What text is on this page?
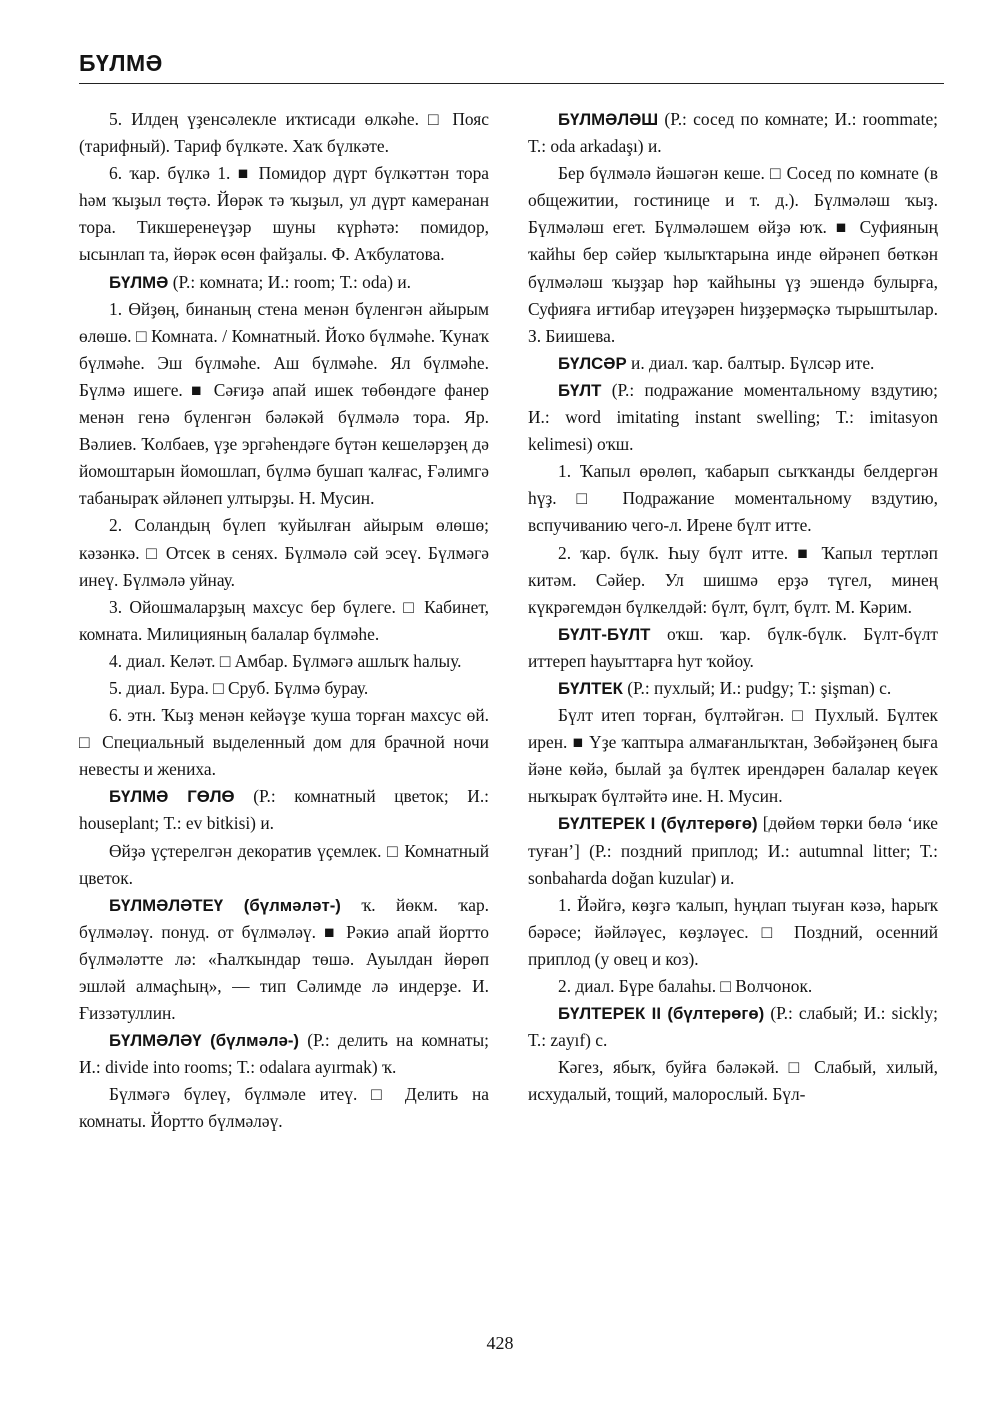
БҮЛМӘ

5. Илдең үҙенсәлекле иҡтисади өлкәһе. □ Пояс (тарифный). Тариф бүлкәте. Хаҡ бүлкәте.

6. ҡар. бүлкә 1. ■ Помидор дүрт бүлкәттән тора һәм ҡыҙыл төҫтә. Йөрәк тә ҡыҙыл, ул дүрт камеранан тора. Тикшеренеүҙәр шуны күрһәтә: помидор, ысынлап та, йөрәк өсөн файҙалы. Ф. Аҡбулатова.

БҮЛМӘ (Р.: комната; И.: room; Т.: oda) и.

1. Өйҙөң, бинаның стена менән бүленгән айырым өлөшө. □ Комната. / Комнатный. Йоҡо бүлмәһе. Ҡунаҡ бүлмәһе. Эш бүлмәһе. Аш бүлмәһе. Ял бүлмәһе. Бүлмә ишеге. ■ Сәғиҙә апай ишек төбөндәге фанер менән генә бүленгән бәләкәй бүлмәлә тора. Яр. Вәлиев. Ҡолбаев, үҙе эргәһендәге бүтән кешеләрҙең дә йомоштарын йомошлап, бүлмә бушап ҡалғас, Ғәлимгә табаныраҡ әйләнеп ултырҙы. Н. Мусин.

2. Соландың бүлеп ҡуйылған айырым өлөшө; кәзәнкә. □ Отсек в сенях. Бүлмәлә сәй эсеү. Бүлмәгә инеү. Бүлмәлә уйнау.

3. Ойошмаларҙың махсус бер бүлеге. □ Кабинет, комната. Милицияның балалар бүлмәһе.

4. диал. Келәт. □ Амбар. Бүлмәгә ашлыҡ һалыу.

5. диал. Бура. □ Сруб. Бүлмә бурау.

6. этн. Ҡыҙ менән кейәүҙе ҡуша торған махсус өй. □ Специальный выделенный дом для брачной ночи невесты и жениха.

БҮЛМӘ ГӨЛӨ (Р.: комнатный цветок; И.: houseplant; Т.: ev bitkisi) и.

Өйҙә үҫтерелгән декоратив үҫемлек. □ Комнатный цветок.

БҮЛМӘЛӘТЕҮ (бүлмәләт-) ҡ. йөкм. ҡар. бүлмәләү. понуд. от бүлмәләү. ■ Рәкиә апай йортто бүлмәләтте лә: «Һалҡындар төшә. Ауылдан йөрөп эшләй алмаҫһың», — тип Сәлимде лә индерҙе. И. Ғиззәтуллин.

БҮЛМӘЛӘҮ (бүлмәлә-) (Р.: делить на комнаты; И.: divide into rooms; Т.: odalara ayırmak) ҡ.

Бүлмәгә бүлеү, бүлмәле итеү. □ Делить на комнаты. Йортто бүлмәләү.

БҮЛМӘЛӘШ (Р.: сосед по комнате; И.: roommate; Т.: oda arkadaşı) и.

Бер бүлмәлә йәшәгән кеше. □ Сосед по комнате (в общежитии, гостинице и т. д.). Бүлмәләш ҡыҙ. Бүлмәләш егет. Бүлмәләшем өйҙә юҡ. ■ Суфияның ҡайһы бер сәйер ҡылыҡтарына инде өйрәнеп бөткән бүлмәләш ҡыҙҙар һәр ҡайһыны үҙ эшендә булырға, Суфияға иғтибар итеүҙәрен һиҙҙермәҫкә тырыштылар. З. Биишева.

БҮЛСӘР и. диал. ҡар. балтыр. Бүлсәр ите.

БҮЛТ (Р.: подражание моментальному вздутию; И.: word imitating instant swelling; Т.: imitasyon kelimesi) оҡш.

1. Ҡапыл өрөлөп, ҡабарып сыҡҡанды белдергән һүҙ. □ Подражание моментальному вздутию, вспучиванию чего-л. Ирене бүлт итте.

2. ҡар. бүлк. Һыу бүлт итте. ■ Ҡапыл тертләп китәм. Сәйер. Ул шишмә ерҙә түгел, минең күкрәгемдән бүлкелдәй: бүлт, бүлт, бүлт. М. Кәрим.

БҮЛТ-БҮЛТ оҡш. ҡар. бүлк-бүлк. Бүлт-бүлт иттереп һауыттарға һут ҡойоу.

БҮЛТЕК (Р.: пухлый; И.: pudgy; Т.: şişman) с.

Бүлт итеп торған, бүлтәйгән. □ Пухлый. Бүлтек ирен. ■ Үҙе ҡаптыра алмағанлыҡтан, Зөбәйҙәнең быға йәне көйә, былай ҙа бүлтек ирендәрен балалар кеүек ныҡыраҡ бүлтәйтә ине. Н. Мусин.

БҮЛТЕРЕК I (бүлтерөгө) [дөйөм төрки бөлә ‘ике туған’] (Р.: поздний приплод; И.: autumnal litter; Т.: sonbaharda doğan kuzular) и.

1. Йәйгә, көҙгә ҡалып, һуңлап тыуған кәзә, һарыҡ бәрәсе; йәйләүес, көҙләүес. □ Поздний, осенний приплод (у овец и коз).

2. диал. Бүре балаһы. □ Волчонок.

БҮЛТЕРЕК II (бүлтерөгө) (Р.: слабый; И.: sickly; Т.: zayıf) с.

Кәгез, ябыҡ, буйға бәләкәй. □ Слабый, хилый, исхудалый, тощий, малорослый. Бүл-

428
